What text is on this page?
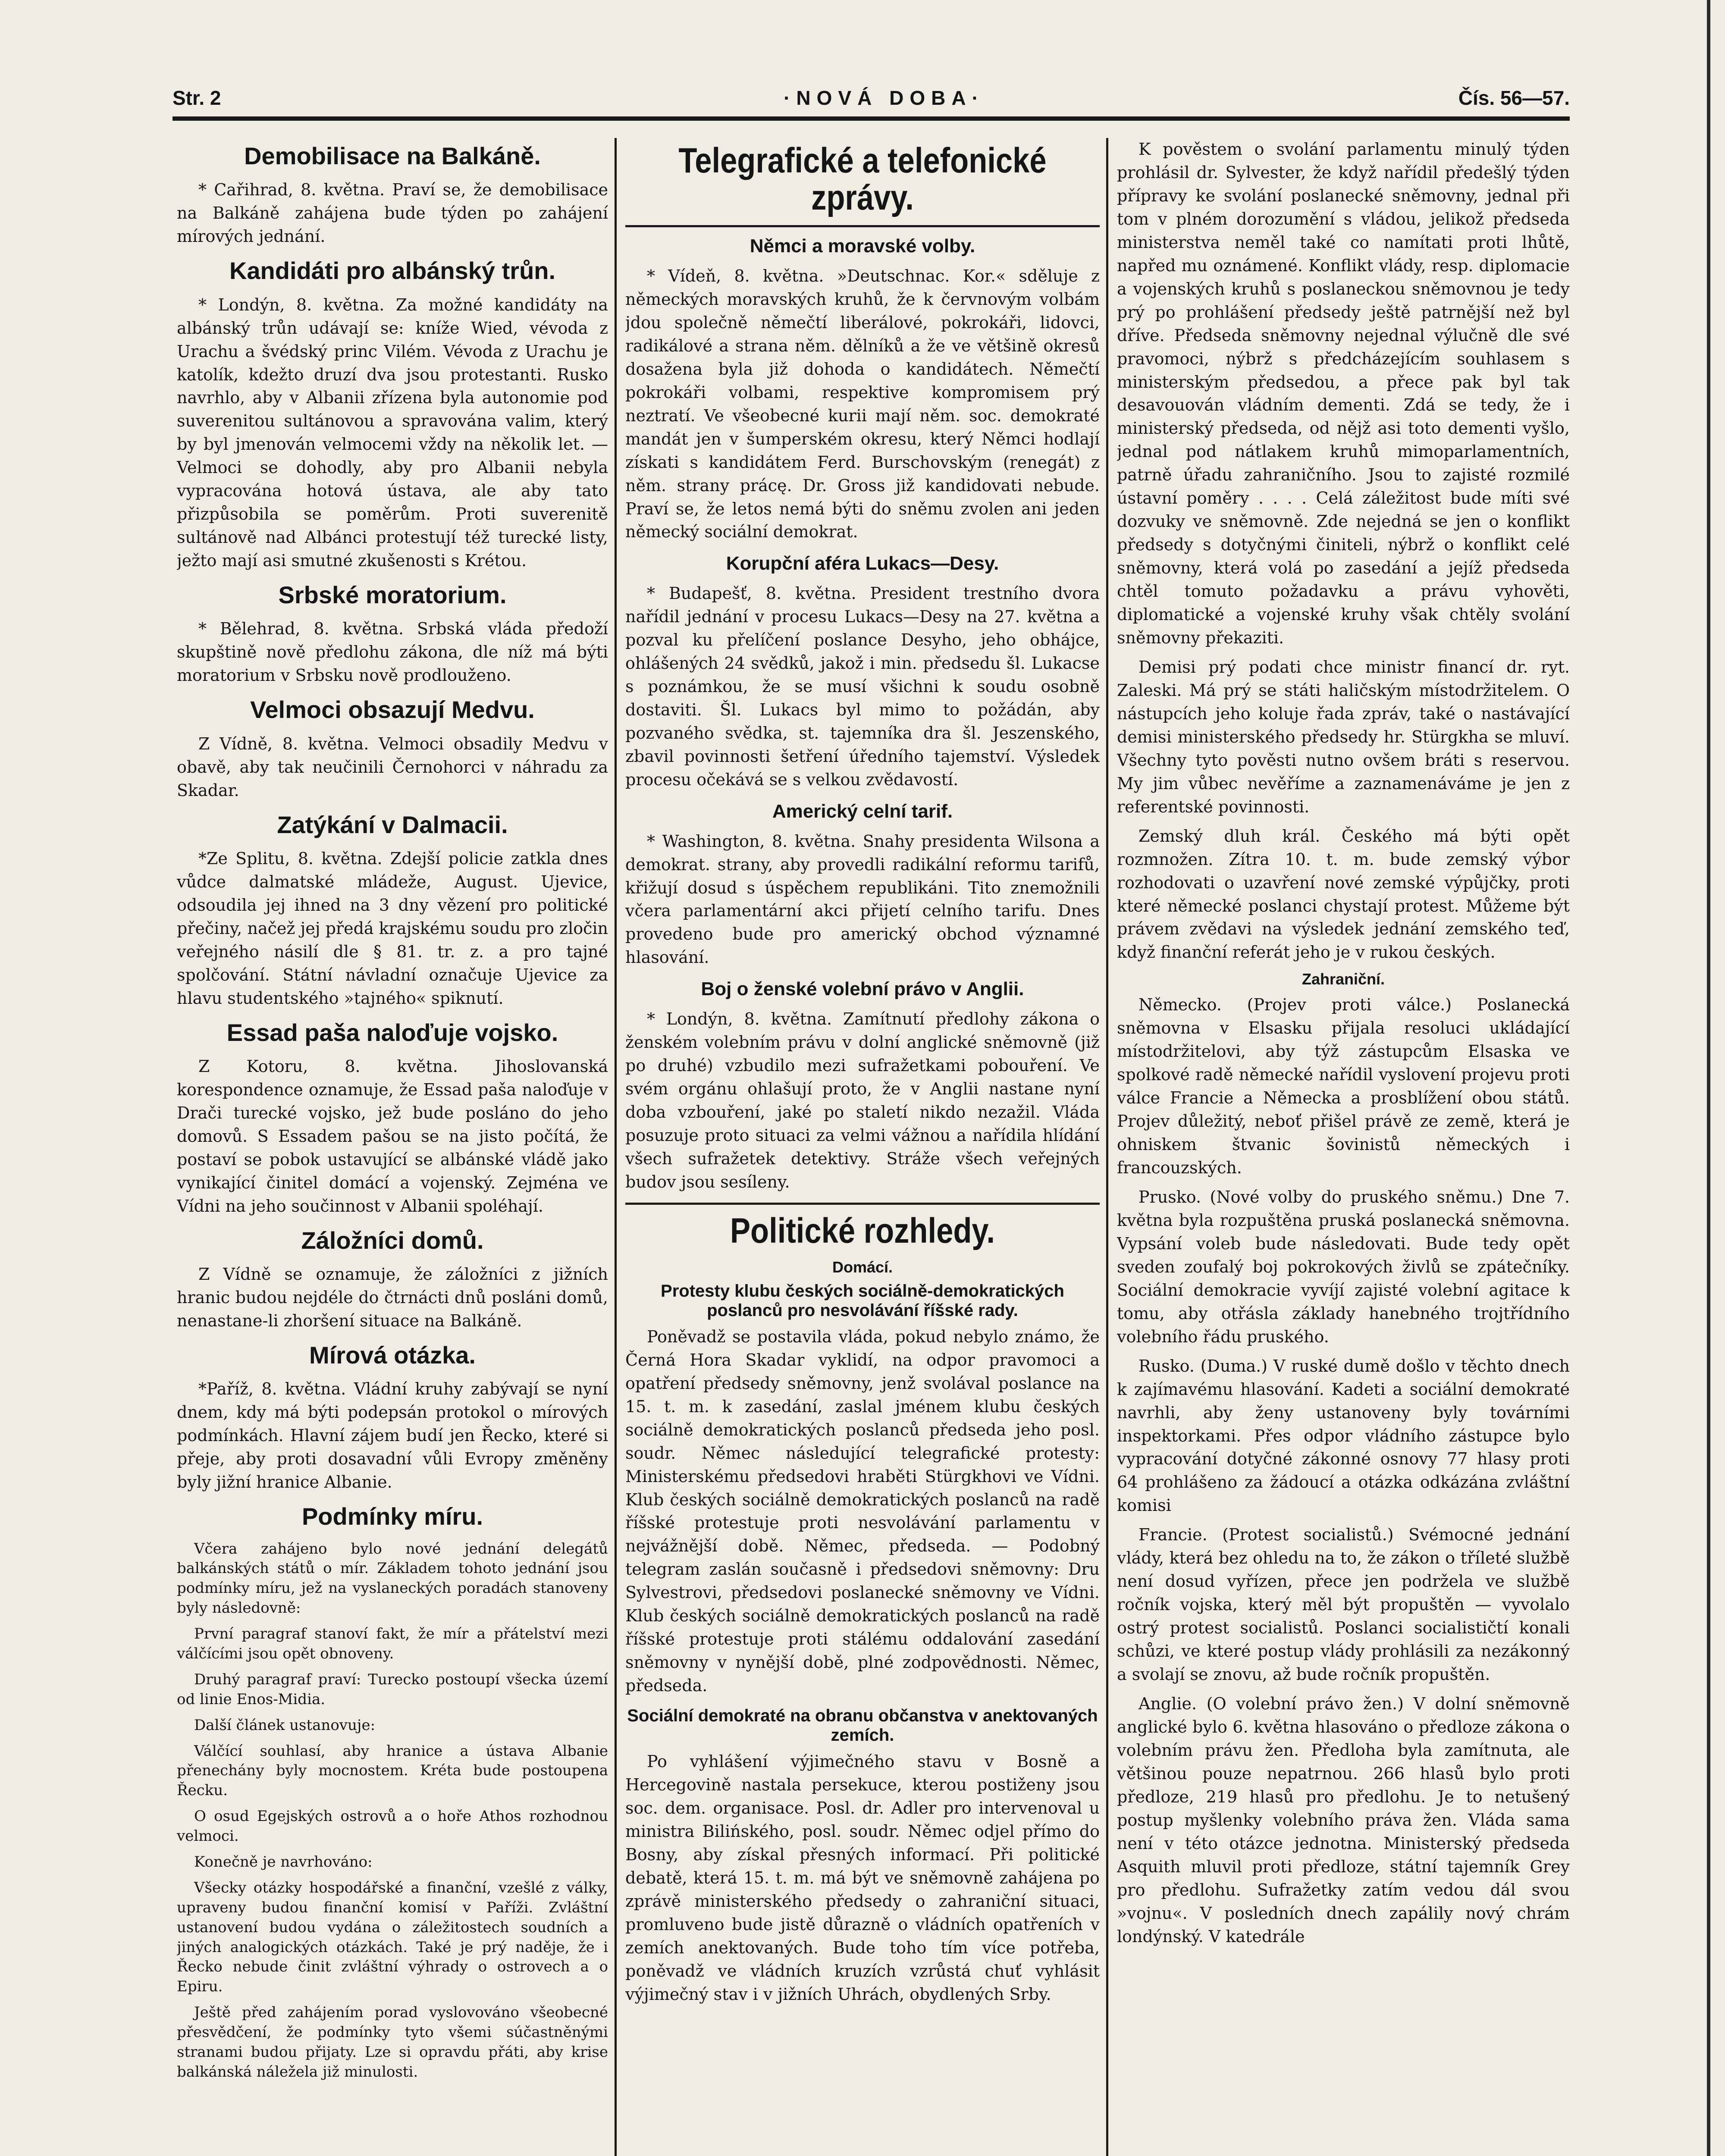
Str. 2	·NOVÁ DOBA·	Čís. 56—57.
Demobilisace na Balkáně.

* Cařihrad, 8. května. Praví se, že demobilisace na Balkáně zahájena bude týden po zahájení mírových jednání.

Kandidáti pro albánský trůn.

* Londýn, 8. května. Za možné kandidáty na albánský trůn udávají se: kníže Wied, vévoda z Urachu a švédský princ Vilém. Vévoda z Urachu je katolík, kdežto druzí dva jsou protestanti. Rusko navrhlo, aby v Albanii zřízena byla autonomie pod suverenitou sultánovou a spravována valim, který by byl jmenován velmocemi vždy na několik let. — Velmoci se dohodly, aby pro Albanii nebyla vypracována hotová ústava, ale aby tato přizpůsobila se poměrům. Proti suverenitě sultánově nad Albánci protestují též turecké listy, ježto mají asi smutné zkušenosti s Krétou.

Srbské moratorium.

* Bělehrad, 8. května. Srbská vláda předoží skupštině nově předlohu zákona, dle níž má býti moratorium v Srbsku nově prodlouženo.

Velmoci obsazují Medvu.

Z Vídně, 8. května. Velmoci obsadily Medvu v obavě, aby tak neučinili Černohorci v náhradu za Skadar.

Zatýkání v Dalmacii.

*Ze Splitu, 8. května. Zdejší policie zatkla dnes vůdce dalmatské mládeže, August. Ujevice, odsoudila jej ihned na 3 dny vězení pro politické přečiny, načež jej předá krajskému soudu pro zločin veřejného násilí dle § 81. tr. z. a pro tajné spolčování. Státní návladní označuje Ujevice za hlavu studentského »tajného« spiknutí.

Essad paša naloďuje vojsko.

Z Kotoru, 8. května. Jihoslovanská korespondence oznamuje, že Essad paša naloďuje v Drači turecké vojsko, jež bude posláno do jeho domovů. S Essadem pašou se na jisto počítá, že postaví se pobok ustavující se albánské vládě jako vynikající činitel domácí a vojenský. Zejména ve Vídni na jeho součinnost v Albanii spoléhají.

Záložníci domů.

Z Vídně se oznamuje, že záložníci z jižních hranic budou nejdéle do čtrnácti dnů posláni domů, nenastane-li zhoršení situace na Balkáně.

Mírová otázka.

*Paříž, 8. května. Vládní kruhy zabývají se nyní dnem, kdy má býti podepsán protokol o mírových podmínkách. Hlavní zájem budí jen Řecko, které si přeje, aby proti dosavadní vůli Evropy změněny byly jižní hranice Albanie.

Podmínky míru.

Včera zahájeno bylo nové jednání delegátů balkánských států o mír. Základem tohoto jednání jsou podmínky míru, jež na vyslaneckých poradách stanoveny byly následovně:

První paragraf stanoví fakt, že mír a přátelství mezi válčícími jsou opět obnoveny.

Druhý paragraf praví: Turecko postoupí všecka území od linie Enos-Midia.

Další článek ustanovuje:

Válčící souhlasí, aby hranice a ústava Albanie přenechány byly mocnostem. Kréta bude postoupena Řecku.

O osud Egejských ostrovů a o hoře Athos rozhodnou velmoci.

Konečně je navrhováno:

Všecky otázky hospodářské a finanční, vzešlé z války, upraveny budou finanční komisí v Paříži. Zvláštní ustanovení budou vydána o záležitostech soudních a jiných analogických otázkách. Také je prý naděje, že i Řecko nebude činit zvláštní výhrady o ostrovech a o Epiru.

Ještě před zahájením porad vyslovováno všeobecné přesvědčení, že podmínky tyto všemi súčastněnými stranami budou přijaty. Lze si opravdu přáti, aby krise balkánská náležela již minulosti.

Telegrafické a telefonické zprávy.
Němci a moravské volby.

* Vídeň, 8. května. »Deutschnac. Kor.« sděluje z německých moravských kruhů, že k červnovým volbám jdou společně němečtí liberálové, pokrokáři, lidovci, radikálové a strana něm. dělníků a že ve většině okresů dosažena byla již dohoda o kandidátech. Němečtí pokrokáři volbami, respektive kompromisem prý neztratí. Ve všeobecné kurii mají něm. soc. demokraté mandát jen v šumperském okresu, který Němci hodlají získati s kandidátem Ferd. Burschovským (renegát) z něm. strany prácę. Dr. Gross již kandidovati nebude. Praví se, že letos nemá býti do sněmu zvolen ani jeden německý sociální demokrat.

Korupční aféra Lukacs—Desy.

* Budapešť, 8. května. President trestního dvora nařídil jednání v procesu Lukacs—Desy na 27. května a pozval ku přelíčení poslance Desyho, jeho obhájce, ohlášených 24 svědků, jakož i min. předsedu šl. Lukacse s poznámkou, že se musí všichni k soudu osobně dostaviti. Šl. Lukacs byl mimo to požádán, aby pozvaného svědka, st. tajemníka dra šl. Jeszenského, zbavil povinnosti šetření úředního tajemství. Výsledek procesu očekává se s velkou zvědavostí.

Americký celní tarif.

* Washington, 8. května. Snahy presidenta Wilsona a demokrat. strany, aby provedli radikální reformu tarifů, křižují dosud s úspěchem republikáni. Tito znemožnili včera parlamentární akci přijetí celního tarifu. Dnes provedeno bude pro americký obchod významné hlasování.

Boj o ženské volební právo v Anglii.

* Londýn, 8. května. Zamítnutí předlohy zákona o ženském volebním právu v dolní anglické sněmovně (již po druhé) vzbudilo mezi sufražetkami pobouření. Ve svém orgánu ohlašují proto, že v Anglii nastane nyní doba vzbouření, jaké po staletí nikdo nezažil. Vláda posuzuje proto situaci za velmi vážnou a nařídila hlídání všech sufražetek detektivy. Stráže všech veřejných budov jsou sesíleny.

Politické rozhledy.
Domácí.
Protesty klubu českých sociálně-demokratických poslanců pro nesvolávání říšské rady.

Poněvadž se postavila vláda, pokud nebylo známo, že Černá Hora Skadar vyklidí, na odpor pravomoci a opatření předsedy sněmovny, jenž svolával poslance na 15. t. m. k zasedání, zaslal jménem klubu českých sociálně demokratických poslanců předseda jeho posl. soudr. Němec následující telegrafické protesty: Ministerskému předsedovi hraběti Stürgkhovi ve Vídni. Klub českých sociálně demokratických poslanců na radě říšské protestuje proti nesvolávání parlamentu v nejvážnější době. Němec, předseda. — Podobný telegram zaslán současně i předsedovi sněmovny: Dru Sylvestrovi, předsedovi poslanecké sněmovny ve Vídni. Klub českých sociálně demokratických poslanců na radě říšské protestuje proti stálému oddalování zasedání sněmovny v nynější době, plné zodpovědnosti. Němec, předseda.

Sociální demokraté na obranu občanstva v anektovaných zemích.

Po vyhlášení výjimečného stavu v Bosně a Hercegovině nastala persekuce, kterou postiženy jsou soc. dem. organisace. Posl. dr. Adler pro intervenoval u ministra Bilińského, posl. soudr. Němec odjel přímo do Bosny, aby získal přesných informací. Při politické debatě, která 15. t. m. má být ve sněmovně zahájena po zprávě ministerského předsedy o zahraniční situaci, promluveno bude jistě důrazně o vládních opatřeních v zemích anektovaných. Bude toho tím více potřeba, poněvadž ve vládních kruzích vzrůstá chuť vyhlásit výjimečný stav i v jižních Uhrách, obydlených Srby.

K pověstem o svolání parlamentu minulý týden prohlásil dr. Sylvester, že když nařídil předešlý týden přípravy ke svolání poslanecké sněmovny, jednal při tom v plném dorozumění s vládou, jelikož předseda ministerstva neměl také co namítati proti lhůtě, napřed mu oznámené. Konflikt vlády, resp. diplomacie a vojenských kruhů s poslaneckou sněmovnou je tedy prý po prohlášení předsedy ještě patrnější než byl dříve. Předseda sněmovny nejednal výlučně dle své pravomoci, nýbrž s předcházejícím souhlasem s ministerským předsedou, a přece pak byl tak desavouován vládním dementi. Zdá se tedy, že i ministerský předseda, od nějž asi toto dementi vyšlo, jednal pod nátlakem kruhů mimoparlamentních, patrně úřadu zahraničního. Jsou to zajisté rozmilé ústavní poměry . . . . Celá záležitost bude míti své dozvuky ve sněmovně. Zde nejedná se jen o konflikt předsedy s dotyčnými činiteli, nýbrž o konflikt celé sněmovny, která volá po zasedání a jejíž předseda chtěl tomuto požadavku a právu vyhověti, diplomatické a vojenské kruhy však chtěly svolání sněmovny překaziti.

Demisi prý podati chce ministr financí dr. ryt. Zaleski. Má prý se státi haličským místodržitelem. O nástupcích jeho koluje řada zpráv, také o nastávající demisi ministerského předsedy hr. Stürgkha se mluví. Všechny tyto pověsti nutno ovšem bráti s reservou. My jim vůbec nevěříme a zaznamenáváme je jen z referentské povinnosti.

Zemský dluh král. Českého má býti opět rozmnožen. Zítra 10. t. m. bude zemský výbor rozhodovati o uzavření nové zemské výpůjčky, proti které německé poslanci chystají protest. Můžeme být právem zvědavi na výsledek jednání zemského teď, když finanční referát jeho je v rukou českých.

Zahraniční.

Německo. (Projev proti válce.) Poslanecká sněmovna v Elsasku přijala resoluci ukládající místodržitelovi, aby týž zástupcům Elsaska ve spolkové radě německé nařídil vyslovení projevu proti válce Francie a Německa a prosblížení obou států. Projev důležitý, neboť přišel právě ze země, která je ohniskem štvanic šovinistů německých i francouzských.

Prusko. (Nové volby do pruského sněmu.) Dne 7. května byla rozpuštěna pruská poslanecká sněmovna. Vypsání voleb bude následovati. Bude tedy opět sveden zoufalý boj pokrokových živlů se zpátečníky. Sociální demokracie vyvíjí zajisté volební agitace k tomu, aby otřásla základy hanebného trojtřídního volebního řádu pruského.

Rusko. (Duma.) V ruské dumě došlo v těchto dnech k zajímavému hlasování. Kadeti a sociální demokraté navrhli, aby ženy ustanoveny byly továrními inspektorkami. Přes odpor vládního zástupce bylo vypracování dotyčné zákonné osnovy 77 hlasy proti 64 prohlášeno za žádoucí a otázka odkázána zvláštní komisi

Francie. (Protest socialistů.) Svémocné jednání vlády, která bez ohledu na to, že zákon o tříleté službě není dosud vyřízen, přece jen podržela ve službě ročník vojska, který měl být propuštěn — vyvolalo ostrý protest socialistů. Poslanci socialističtí konali schůzi, ve které postup vlády prohlásili za nezákonný a svolají se znovu, až bude ročník propuštěn.

Anglie. (O volební právo žen.) V dolní sněmovně anglické bylo 6. května hlasováno o předloze zákona o volebním právu žen. Předloha byla zamítnuta, ale většinou pouze nepatrnou. 266 hlasů bylo proti předloze, 219 hlasů pro předlohu. Je to netušený postup myšlenky volebního práva žen. Vláda sama není v této otázce jednotna. Ministerský předseda Asquith mluvil proti předloze, státní tajemník Grey pro předlohu. Sufražetky zatím vedou dál svou »vojnu«. V posledních dnech zapálily nový chrám londýnský. V katedrále
